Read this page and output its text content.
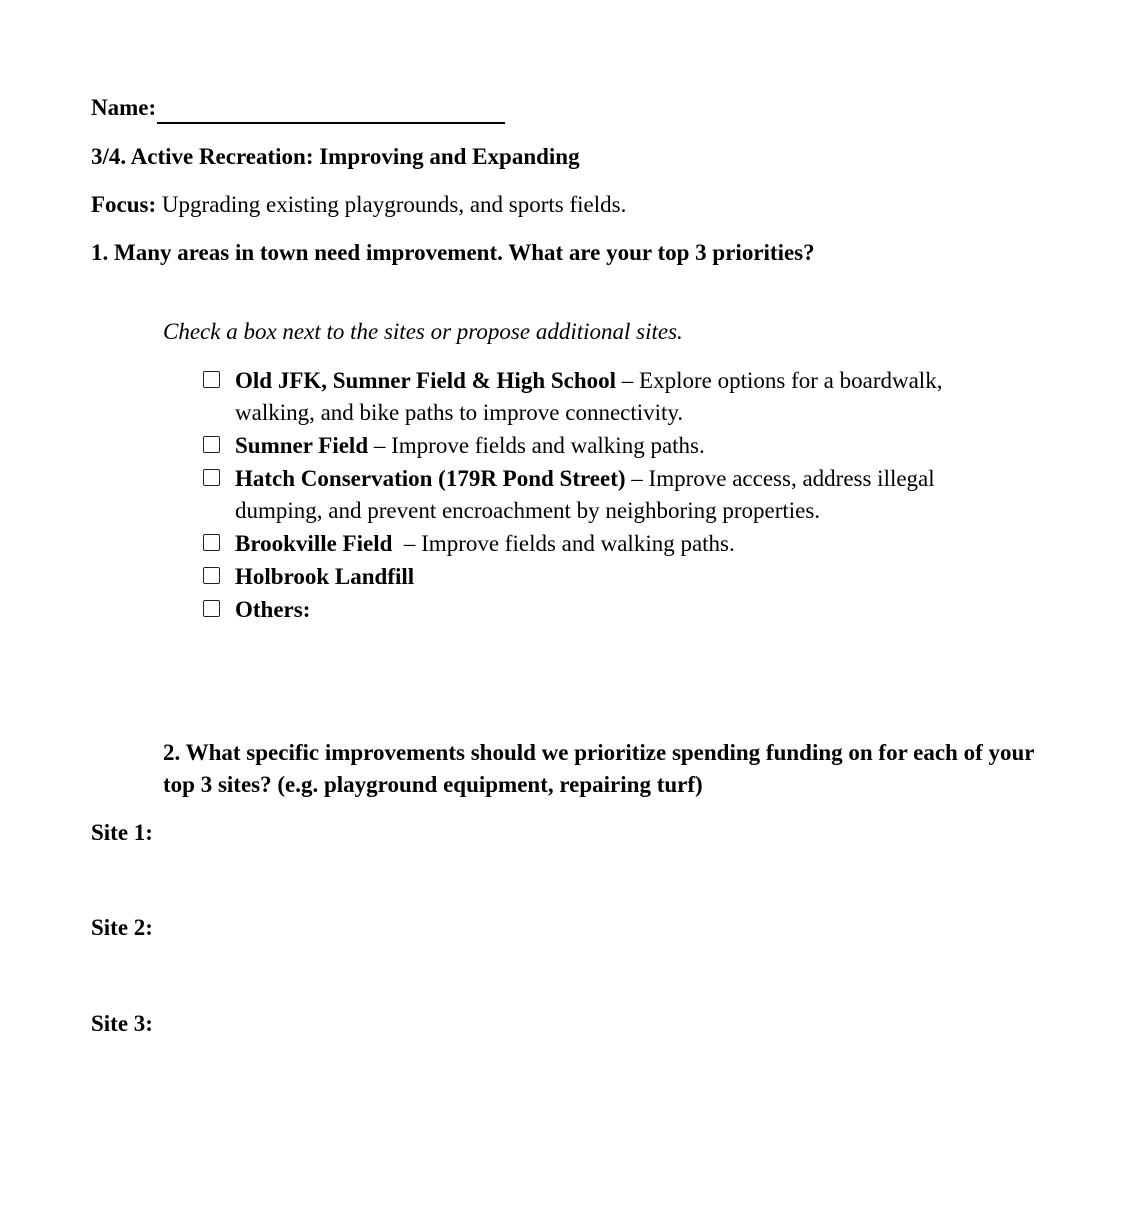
Name:
3/4. Active Recreation: Improving and Expanding
Focus: Upgrading existing playgrounds, and sports fields.
1. Many areas in town need improvement. What are your top 3 priorities?
Check a box next to the sites or propose additional sites.
Old JFK, Sumner Field & High School – Explore options for a boardwalk, walking, and bike paths to improve connectivity.
Sumner Field – Improve fields and walking paths.
Hatch Conservation (179R Pond Street) – Improve access, address illegal dumping, and prevent encroachment by neighboring properties.
Brookville Field  – Improve fields and walking paths.
Holbrook Landfill
Others:
2. What specific improvements should we prioritize spending funding on for each of your top 3 sites? (e.g. playground equipment, repairing turf)
Site 1:
Site 2:
Site 3:
